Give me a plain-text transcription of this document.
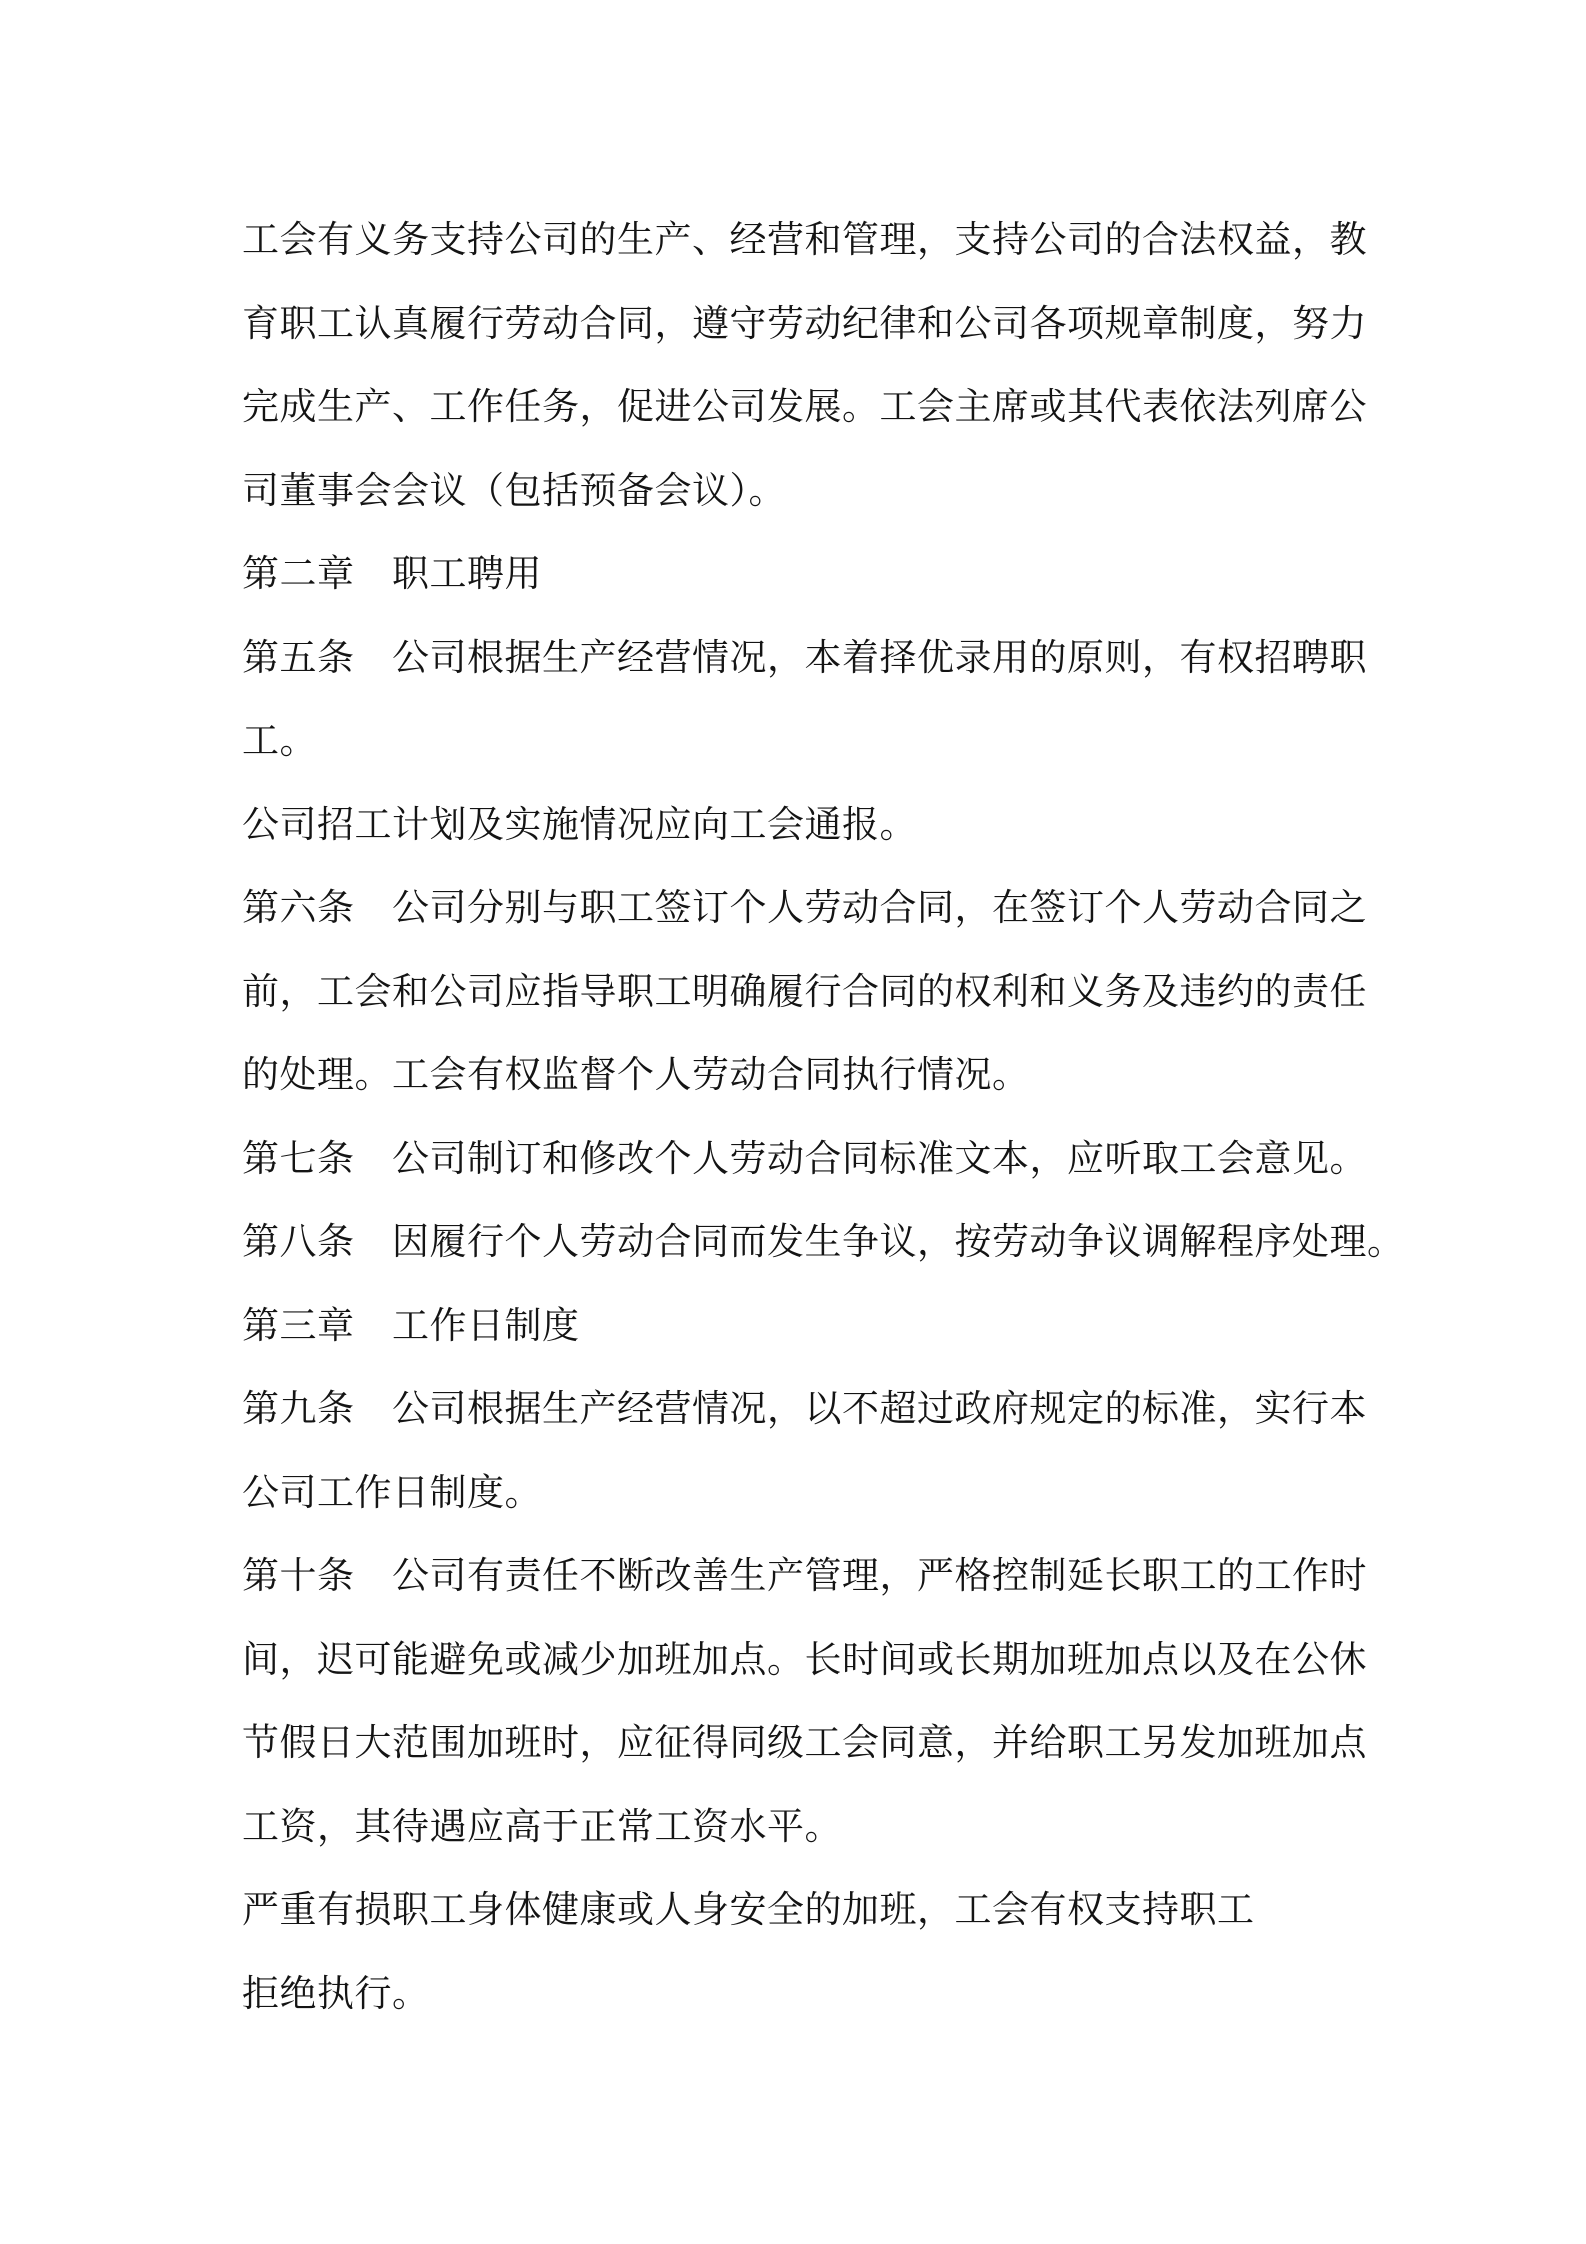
工会有义务支持公司的生产、经营和管理，支持公司的合法权益，教
育职工认真履行劳动合同，遵守劳动纪律和公司各项规章制度，努力
完成生产、工作任务，促进公司发展。工会主席或其代表依法列席公
司董事会会议（包括预备会议）。
第二章　职工聘用
第五条　公司根据生产经营情况，本着择优录用的原则，有权招聘职
工。
公司招工计划及实施情况应向工会通报。
第六条　公司分别与职工签订个人劳动合同，在签订个人劳动合同之
前，工会和公司应指导职工明确履行合同的权利和义务及违约的责任
的处理。工会有权监督个人劳动合同执行情况。
第七条　公司制订和修改个人劳动合同标准文本，应听取工会意见。
第八条　因履行个人劳动合同而发生争议，按劳动争议调解程序处理。
第三章　工作日制度
第九条　公司根据生产经营情况，以不超过政府规定的标准，实行本
公司工作日制度。
第十条　公司有责任不断改善生产管理，严格控制延长职工的工作时
间，迟可能避免或减少加班加点。长时间或长期加班加点以及在公休
节假日大范围加班时，应征得同级工会同意，并给职工另发加班加点
工资，其待遇应高于正常工资水平。
严重有损职工身体健康或人身安全的加班，工会有权支持职工
拒绝执行。
